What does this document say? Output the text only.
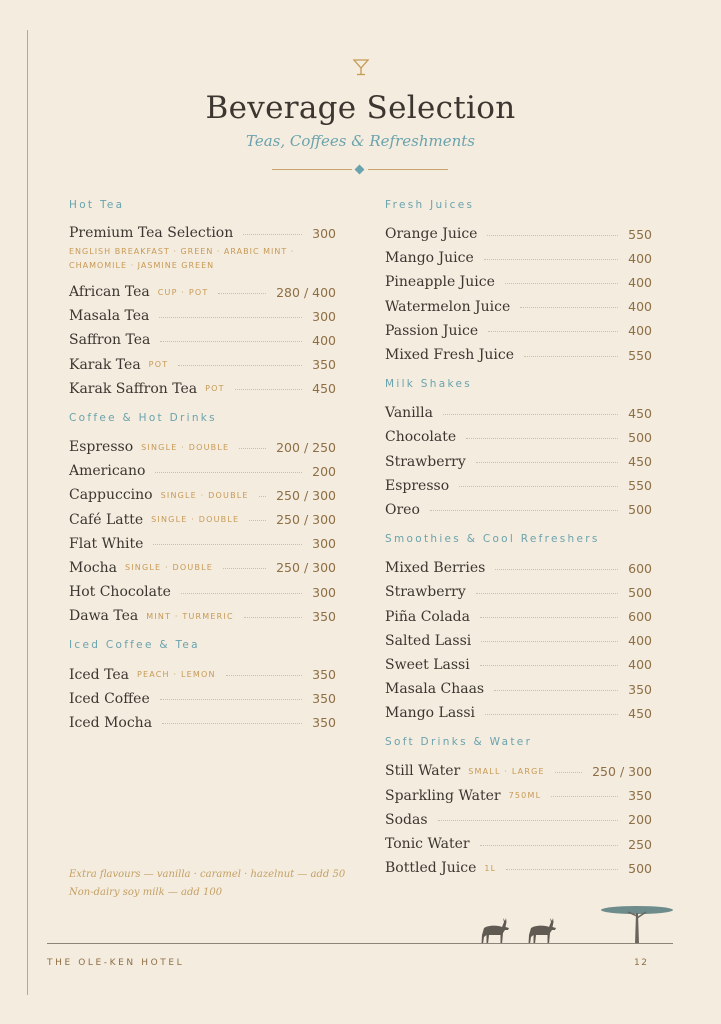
Beverage Selection
Teas, Coffees & Refreshments
Hot Tea
Premium Tea Selection	300
ENGLISH BREAKFAST · GREEN · ARABIC MINT ·
CHAMOMILE · JASMINE GREEN
African Tea CUP · POT	280 / 400
Masala Tea	300
Saffron Tea	400
Karak Tea POT	350
Karak Saffron Tea POT	450
Coffee & Hot Drinks
Espresso SINGLE · DOUBLE	200 / 250
Americano	200
Cappuccino SINGLE · DOUBLE 250 / 300
Café Latte SINGLE · DOUBLE	250 / 300
Flat White	300
Mocha SINGLE · DOUBLE	250 / 300
Hot Chocolate	300
Dawa Tea MINT · TURMERIC	350
Iced Coffee & Tea
Iced Tea PEACH · LEMON	350
Iced Coffee	350
Iced Mocha	350
Fresh Juices
Orange Juice	550
Mango Juice	400
Pineapple Juice	400
Watermelon Juice	400
Passion Juice	400
Mixed Fresh Juice	550
Milk Shakes
Vanilla	450
Chocolate	500
Strawberry	450
Espresso	550
Oreo	500
Smoothies & Cool Refreshers
Mixed Berries	600
Strawberry	500
Piña Colada	600
Salted Lassi	400
Sweet Lassi	400
Masala Chaas	350
Mango Lassi	450
Soft Drinks & Water
Still Water SMALL · LARGE	250 / 300
Sparkling Water 750ML	350
Sodas	200
Tonic Water	250
Bottled Juice 1L	500
Extra flavours — vanilla · caramel · hazelnut — add 50
Non-dairy soy milk — add 100
THE OLE-KEN HOTEL	12
